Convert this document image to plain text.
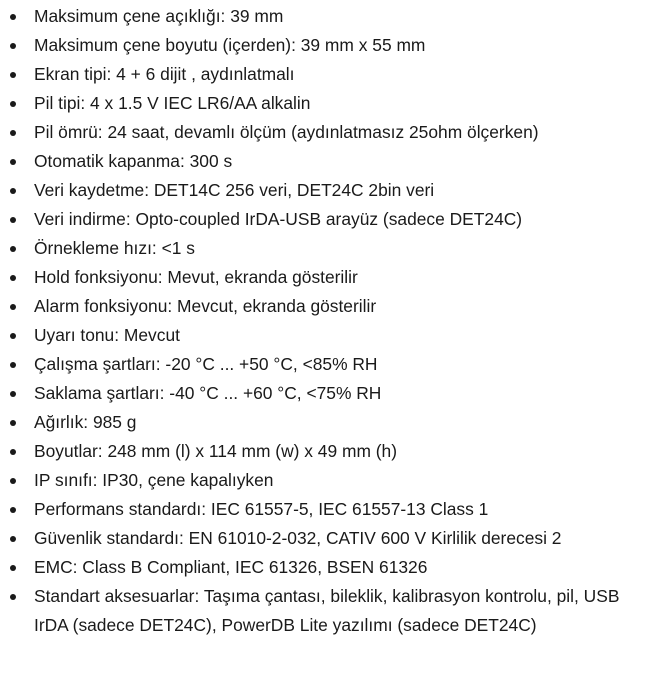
Maksimum çene açıklığı: 39 mm
Maksimum çene boyutu (içerden): 39 mm x 55 mm
Ekran tipi: 4 + 6 dijit , aydınlatmalı
Pil tipi: 4 x 1.5 V IEC LR6/AA alkalin
Pil ömrü: 24 saat, devamlı ölçüm (aydınlatmasız 25ohm ölçerken)
Otomatik kapanma: 300 s
Veri kaydetme: DET14C 256 veri, DET24C 2bin veri
Veri indirme: Opto-coupled IrDA-USB arayüz (sadece DET24C)
Örnekleme hızı: <1 s
Hold fonksiyonu: Mevut, ekranda gösterilir
Alarm fonksiyonu: Mevcut, ekranda gösterilir
Uyarı tonu: Mevcut
Çalışma şartları: -20 °C ... +50 °C, <85% RH
Saklama şartları: -40 °C ... +60 °C, <75% RH
Ağırlık: 985 g
Boyutlar: 248 mm (l) x 114 mm (w) x 49 mm (h)
IP sınıfı: IP30, çene kapalıyken
Performans standardı: IEC 61557-5, IEC 61557-13 Class 1
Güvenlik standardı: EN 61010-2-032, CATIV 600 V Kirlilik derecesi 2
EMC: Class B Compliant, IEC 61326, BSEN 61326
Standart aksesuarlar: Taşıma çantası, bileklik, kalibrasyon kontrolu, pil, USB IrDA (sadece DET24C), PowerDB Lite yazılımı (sadece DET24C)
